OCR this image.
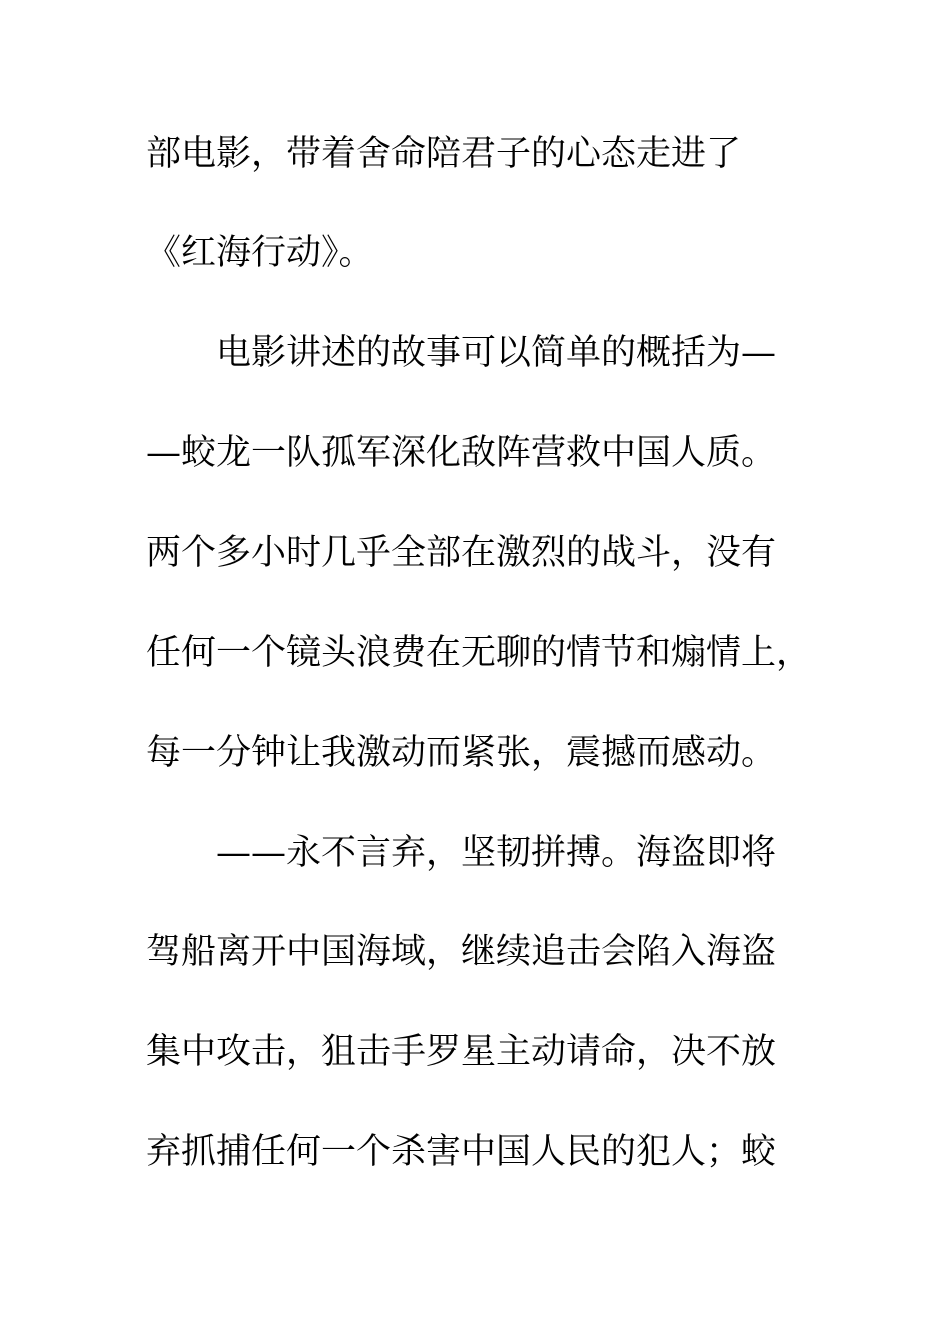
部电影，带着舍命陪君子的心态走进了
《红海行动》。
电影讲述的故事可以简单的概括为—
—蛟龙一队孤军深化敌阵营救中国人质。
两个多小时几乎全部在激烈的战斗，没有
任何一个镜头浪费在无聊的情节和煽情上，
每一分钟让我激动而紧张，震撼而感动。
——永不言弃，坚韧拼搏。海盗即将
驾船离开中国海域，继续追击会陷入海盗
集中攻击，狙击手罗星主动请命，决不放
弃抓捕任何一个杀害中国人民的犯人；蛟
